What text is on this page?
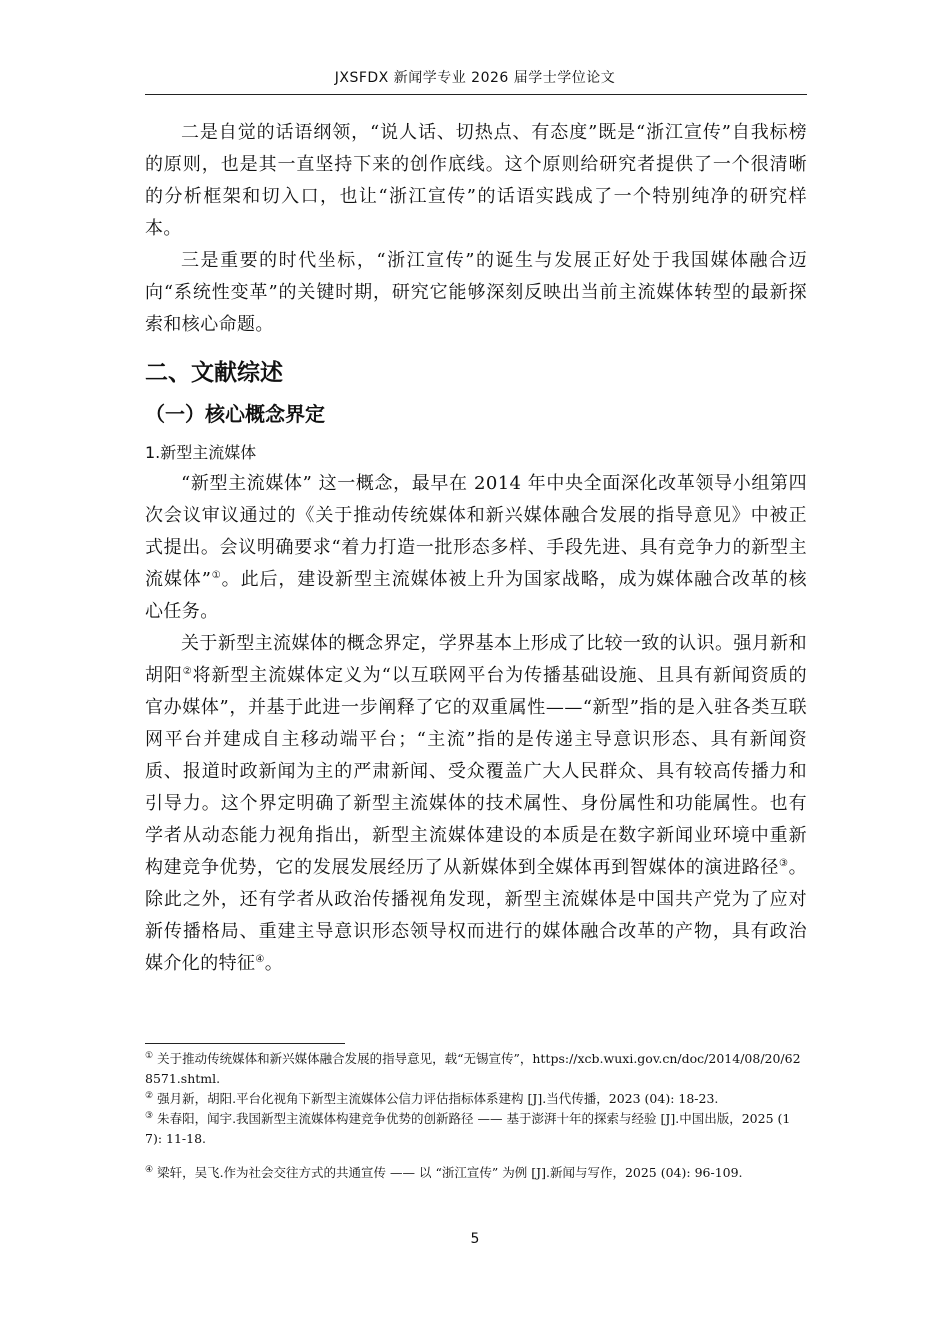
JXSFDX 新闻学专业 2026 届学士学位论文

二是自觉的话语纲领，“说人话、切热点、有态度”既是“浙江宣传”自我标榜的原则，也是其一直坚持下来的创作底线。这个原则给研究者提供了一个很清晰的分析框架和切入口，也让“浙江宣传”的话语实践成了一个特别纯净的研究样本。

三是重要的时代坐标，“浙江宣传”的诞生与发展正好处于我国媒体融合迈向“系统性变革”的关键时期，研究它能够深刻反映出当前主流媒体转型的最新探索和核心命题。

二、文献综述
（一）核心概念界定
1.新型主流媒体

“新型主流媒体” 这一概念，最早在 2014 年中央全面深化改革领导小组第四次会议审议通过的《关于推动传统媒体和新兴媒体融合发展的指导意见》中被正式提出。会议明确要求“着力打造一批形态多样、手段先进、具有竞争力的新型主流媒体”①。此后，建设新型主流媒体被上升为国家战略，成为媒体融合改革的核心任务。

关于新型主流媒体的概念界定，学界基本上形成了比较一致的认识。强月新和胡阳②将新型主流媒体定义为“以互联网平台为传播基础设施、且具有新闻资质的官办媒体”，并基于此进一步阐释了它的双重属性——“新型”指的是入驻各类互联网平台并建成自主移动端平台；“主流”指的是传递主导意识形态、具有新闻资质、报道时政新闻为主的严肃新闻、受众覆盖广大人民群众、具有较高传播力和引导力。这个界定明确了新型主流媒体的技术属性、身份属性和功能属性。也有学者从动态能力视角指出，新型主流媒体建设的本质是在数字新闻业环境中重新构建竞争优势，它的发展发展经历了从新媒体到全媒体再到智媒体的演进路径③。除此之外，还有学者从政治传播视角发现，新型主流媒体是中国共产党为了应对新传播格局、重建主导意识形态领导权而进行的媒体融合改革的产物，具有政治媒介化的特征④。

① 关于推动传统媒体和新兴媒体融合发展的指导意见，载“无锡宣传”，https://xcb.wuxi.gov.cn/doc/2014/08/20/628571.shtml.

② 强月新，胡阳.平台化视角下新型主流媒体公信力评估指标体系建构 [J].当代传播，2023 (04): 18-23.

③ 朱春阳，闻宇.我国新型主流媒体构建竞争优势的创新路径 —— 基于澎湃十年的探索与经验 [J].中国出版，2025 (17): 11-18.

④ 梁轩，吴飞.作为社会交往方式的共通宣传 —— 以 “浙江宣传” 为例 [J].新闻与写作，2025 (04): 96-109.

5
